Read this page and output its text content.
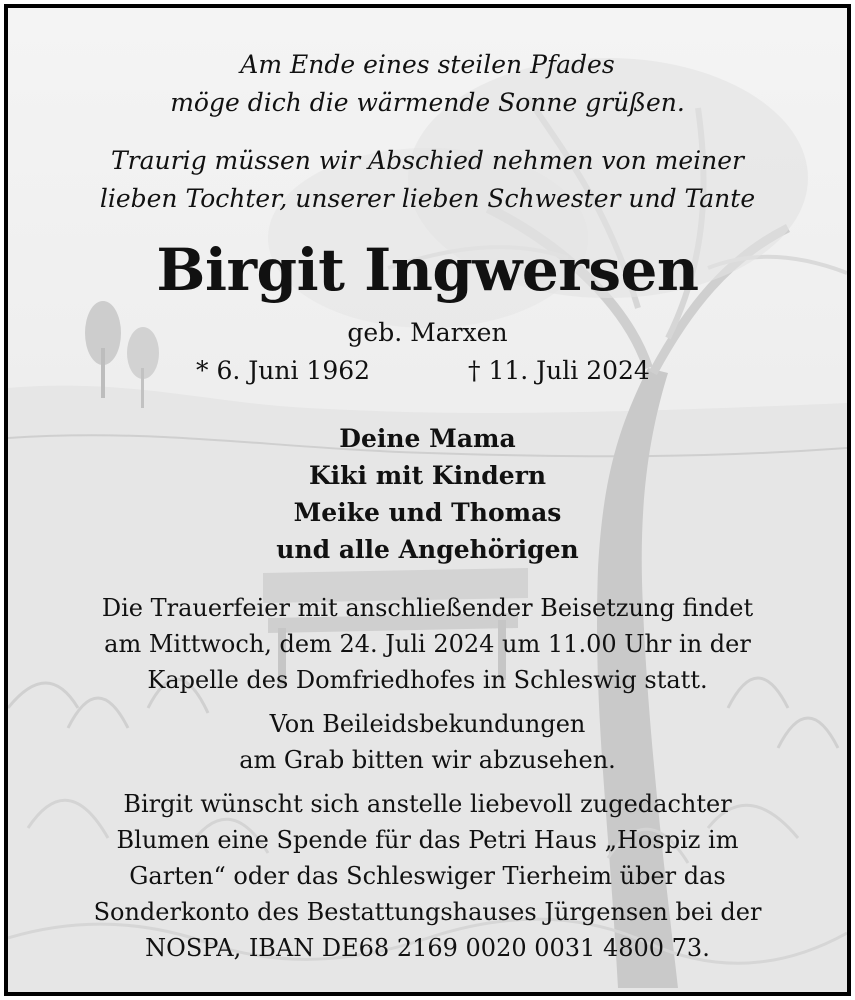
Am Ende eines steilen Pfades
möge dich die wärmende Sonne grüßen.
Traurig müssen wir Abschied nehmen von meiner
lieben Tochter, unserer lieben Schwester und Tante
Birgit Ingwersen
geb. Marxen
* 6. Juni 1962	† 11. Juli 2024
Deine Mama
Kiki mit Kindern
Meike und Thomas
und alle Angehörigen
Die Trauerfeier mit anschließender Beisetzung findet
am Mittwoch, dem 24. Juli 2024 um 11.00 Uhr in der
Kapelle des Domfriedhofes in Schleswig statt.
Von Beileidsbekundungen
am Grab bitten wir abzusehen.
Birgit wünscht sich anstelle liebevoll zugedachter
Blumen eine Spende für das Petri Haus „Hospiz im
Garten“ oder das Schleswiger Tierheim über das
Sonderkonto des Bestattungshauses Jürgensen bei der
NOSPA, IBAN DE68 2169 0020 0031 4800 73.
